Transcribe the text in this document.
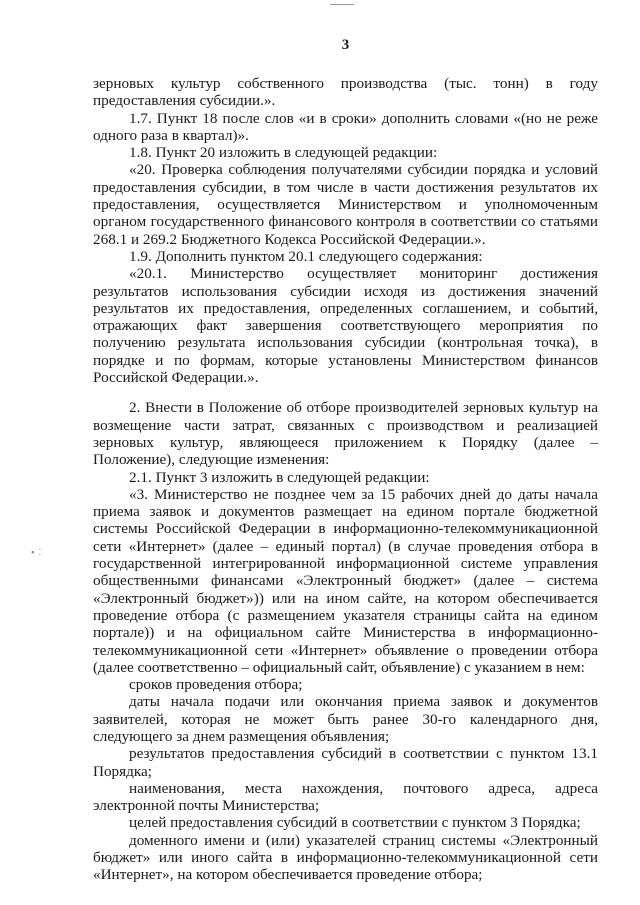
∙ ⁚
3

зерновых культур собственного производства (тыс. тонн) в году предоставления субсидии.».

1.7. Пункт 18 после слов «и в сроки» дополнить словами «(но не реже одного раза в квартал)».

1.8. Пункт 20 изложить в следующей редакции:

«20. Проверка соблюдения получателями субсидии порядка и условий предоставления субсидии, в том числе в части достижения результатов их предоставления, осуществляется Министерством и уполномоченным органом государственного финансового контроля в соответствии со статьями 268.1 и 269.2 Бюджетного Кодекса Российской Федерации.».

1.9. Дополнить пунктом 20.1 следующего содержания:

«20.1. Министерство осуществляет мониторинг достижения результатов использования субсидии исходя из достижения значений результатов их предоставления, определенных соглашением, и событий, отражающих факт завершения соответствующего мероприятия по получению результата использования субсидии (контрольная точка), в порядке и по формам, которые установлены Министерством финансов Российской Федерации.».

2. Внести в Положение об отборе производителей зерновых культур на возмещение части затрат, связанных с производством и реализацией зерновых культур, являющееся приложением к Порядку (далее – Положение), следующие изменения:

2.1. Пункт 3 изложить в следующей редакции:

«3. Министерство не позднее чем за 15 рабочих дней до даты начала приема заявок и документов размещает на едином портале бюджетной системы Российской Федерации в информационно-телекоммуникационной сети «Интернет» (далее – единый портал) (в случае проведения отбора в государственной интегрированной информационной системе управления общественными финансами «Электронный бюджет» (далее – система «Электронный бюджет»)) или на ином сайте, на котором обеспечивается проведение отбора (с размещением указателя страницы сайта на едином портале)) и на официальном сайте Министерства в информационно-телекоммуникационной сети «Интернет» объявление о проведении отбора (далее соответственно – официальный сайт, объявление) с указанием в нем:

сроков проведения отбора;

даты начала подачи или окончания приема заявок и документов заявителей, которая не может быть ранее 30-го календарного дня, следующего за днем размещения объявления;

результатов предоставления субсидий в соответствии с пунктом 13.1 Порядка;

наименования, места нахождения, почтового адреса, адреса электронной почты Министерства;

целей предоставления субсидий в соответствии с пунктом 3 Порядка;

доменного имени и (или) указателей страниц системы «Электронный бюджет» или иного сайта в информационно-телекоммуникационной сети «Интернет», на котором обеспечивается проведение отбора;
